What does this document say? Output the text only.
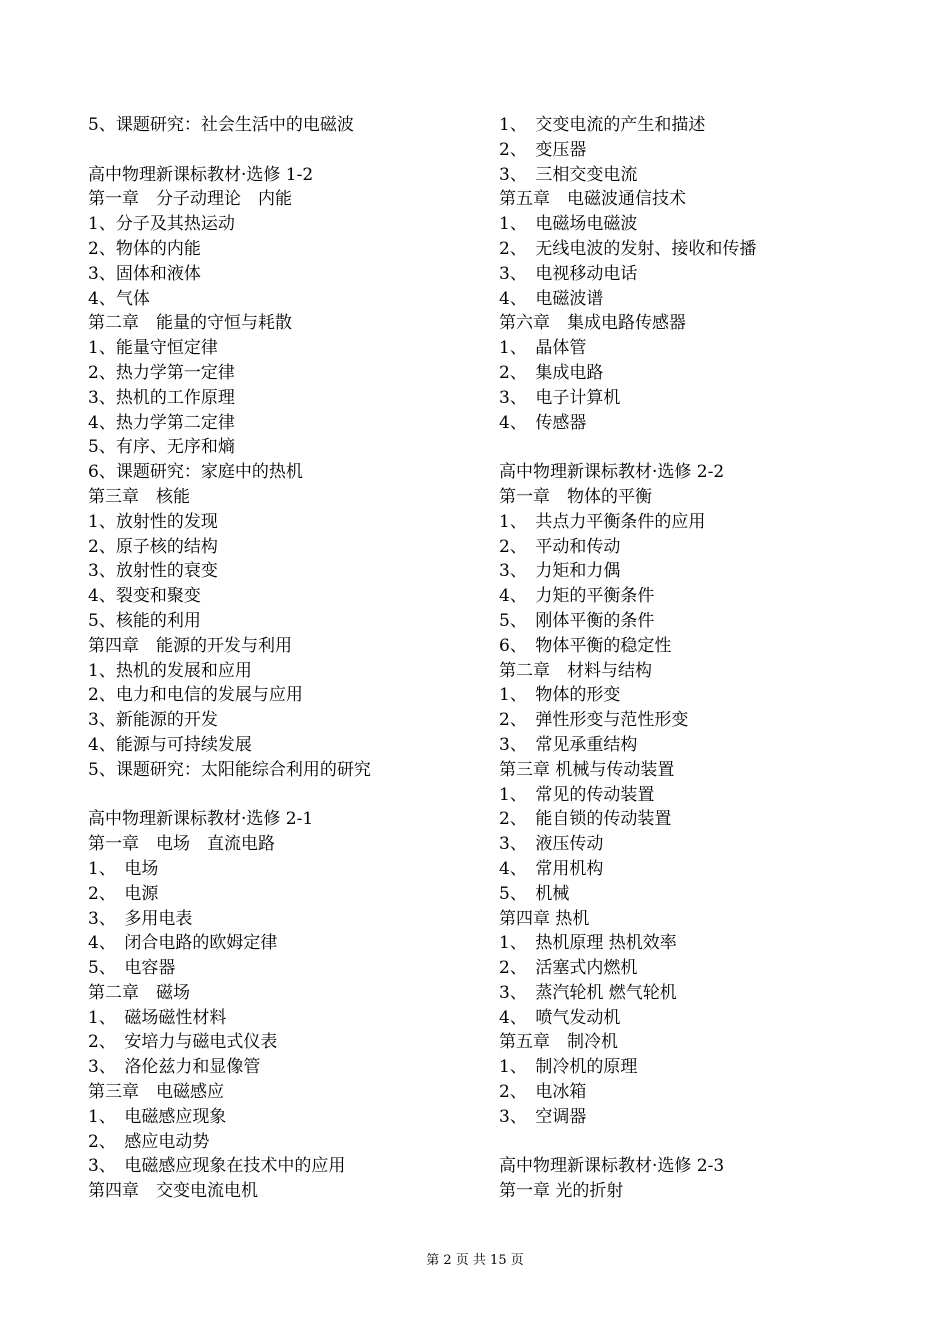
5、课题研究：社会生活中的电磁波
高中物理新课标教材·选修 1-2
第一章　分子动理论　内能
1、分子及其热运动
2、物体的内能
3、固体和液体
4、气体
第二章　能量的守恒与耗散
1、能量守恒定律
2、热力学第一定律
3、热机的工作原理
4、热力学第二定律
5、有序、无序和熵
6、课题研究：家庭中的热机
第三章　核能
1、放射性的发现
2、原子核的结构
3、放射性的衰变
4、裂变和聚变
5、核能的利用
第四章　能源的开发与利用
1、热机的发展和应用
2、电力和电信的发展与应用
3、新能源的开发
4、能源与可持续发展
5、课题研究：太阳能综合利用的研究
高中物理新课标教材·选修 2-1
第一章　电场　直流电路
1、　电场
2、　电源
3、　多用电表
4、　闭合电路的欧姆定律
5、　电容器
第二章　磁场
1、　磁场磁性材料
2、　安培力与磁电式仪表
3、　洛伦兹力和显像管
第三章　电磁感应
1、　电磁感应现象
2、　感应电动势
3、　电磁感应现象在技术中的应用
第四章　交变电流电机
1、　交变电流的产生和描述
2、　变压器
3、　三相交变电流
第五章　电磁波通信技术
1、　电磁场电磁波
2、　无线电波的发射、接收和传播
3、　电视移动电话
4、　电磁波谱
第六章　集成电路传感器
1、　晶体管
2、　集成电路
3、　电子计算机
4、　传感器
高中物理新课标教材·选修 2-2
第一章　物体的平衡
1、　共点力平衡条件的应用
2、　平动和传动
3、　力矩和力偶
4、　力矩的平衡条件
5、　刚体平衡的条件
6、　物体平衡的稳定性
第二章　材料与结构
1、　物体的形变
2、　弹性形变与范性形变
3、　常见承重结构
第三章 机械与传动装置
1、　常见的传动装置
2、　能自锁的传动装置
3、　液压传动
4、　常用机构
5、　机械
第四章 热机
1、　热机原理 热机效率
2、　活塞式内燃机
3、　蒸汽轮机 燃气轮机
4、　喷气发动机
第五章　制冷机
1、　制冷机的原理
2、　电冰箱
3、　空调器
高中物理新课标教材·选修 2-3
第一章 光的折射
第 2 页 共 15 页
